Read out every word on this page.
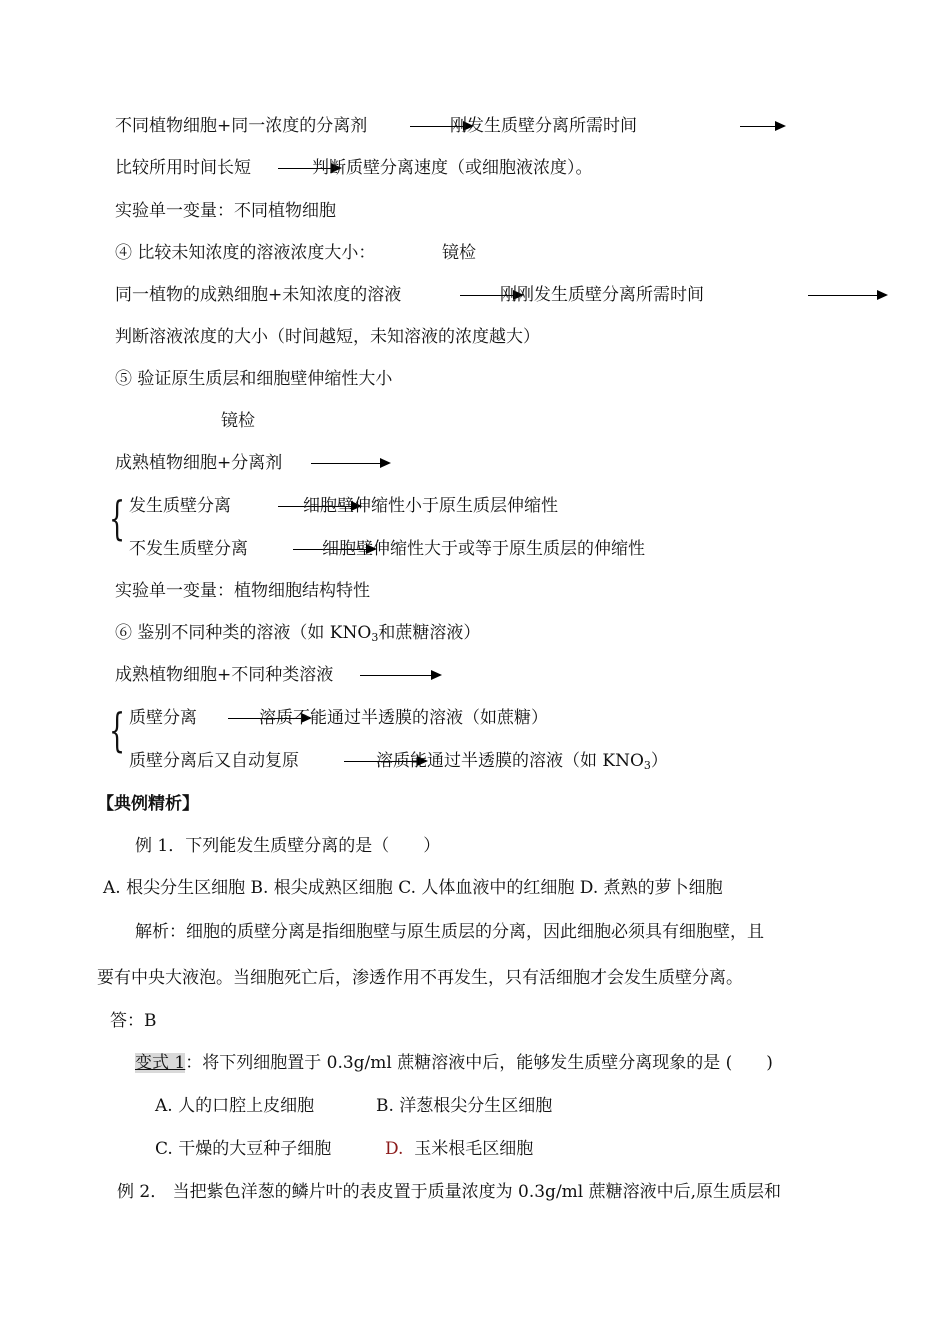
不同植物细胞+同一浓度的分离剂	刚发生质壁分离所需时间
比较所用时间长短	判断质壁分离速度（或细胞液浓度）。
实验单一变量：不同植物细胞
④ 比较未知浓度的溶液浓度大小：	镜检
同一植物的成熟细胞+未知浓度的溶液	刚刚发生质壁分离所需时间
判断溶液浓度的大小（时间越短，未知溶液的浓度越大）
⑤ 验证原生质层和细胞壁伸缩性大小
镜检
成熟植物细胞+分离剂
{ 发生质壁分离	细胞壁伸缩性小于原生质层伸缩性
不发生质壁分离	细胞壁伸缩性大于或等于原生质层的伸缩性
实验单一变量：植物细胞结构特性
⑥ 鉴别不同种类的溶液（如 $KNO_3$和蔗糖溶液）
成熟植物细胞+不同种类溶液
{ 质壁分离	溶质不能通过半透膜的溶液（如蔗糖）
质壁分离后又自动复原	溶质能通过半透膜的溶液（如 $KNO_3$）
【典例精析】
例 1．下列能发生质壁分离的是（　　）
A. 根尖分生区细胞 B. 根尖成熟区细胞 C. 人体血液中的红细胞 D. 煮熟的萝卜细胞
解析：细胞的质壁分离是指细胞壁与原生质层的分离，因此细胞必须具有细胞壁，且
要有中央大液泡。当细胞死亡后，渗透作用不再发生，只有活细胞才会发生质壁分离。
答：B
变式 1：将下列细胞置于 0.3g/ml 蔗糖溶液中后，能够发生质壁分离现象的是 (　　)
A. 人的口腔上皮细胞	B. 洋葱根尖分生区细胞
C. 干燥的大豆种子细胞	D. 玉米根毛区细胞
例 2． 当把紫色洋葱的鳞片叶的表皮置于质量浓度为 0.3g/ml 蔗糖溶液中后,原生质层和
